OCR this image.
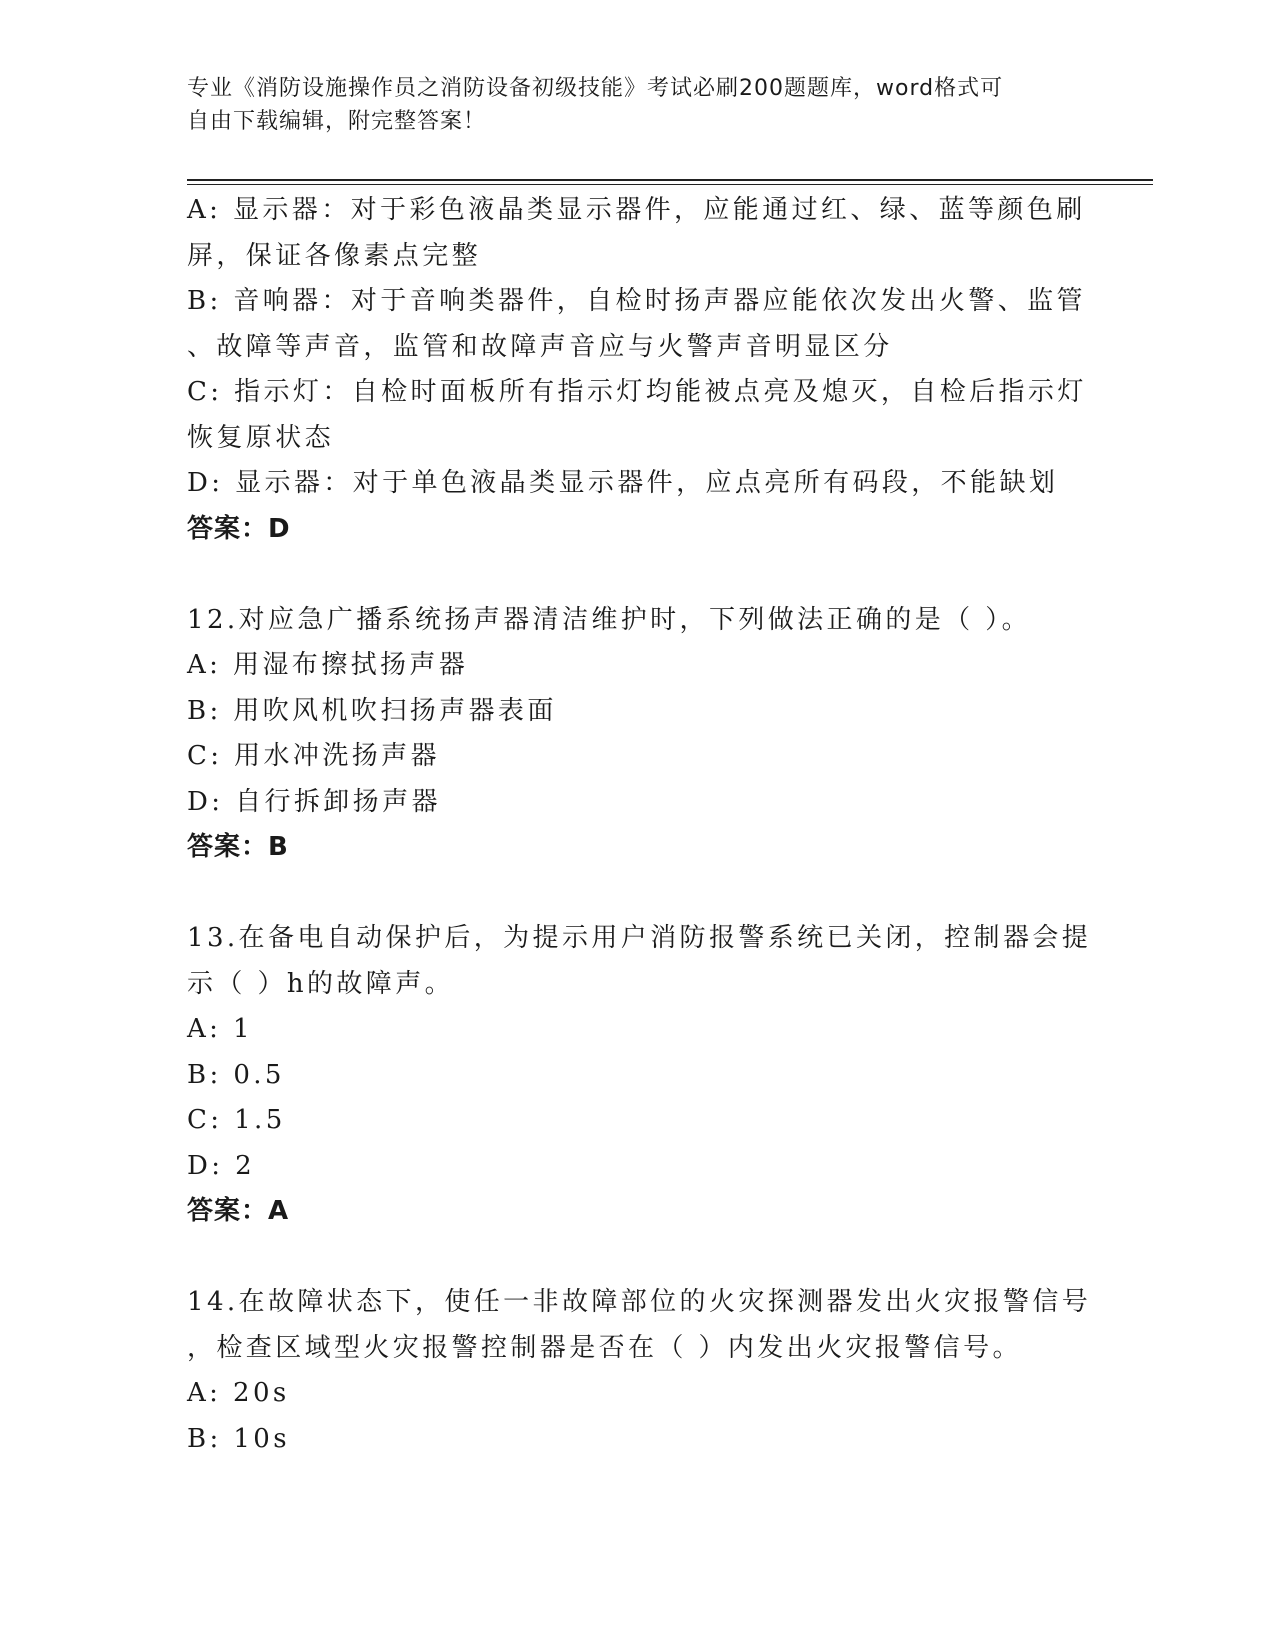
专业《消防设施操作员之消防设备初级技能》考试必刷200题题库，word格式可
自由下载编辑，附完整答案！
A: 显示器：对于彩色液晶类显示器件，应能通过红、绿、蓝等颜色刷
屏，保证各像素点完整
B: 音响器：对于音响类器件，自检时扬声器应能依次发出火警、监管
、故障等声音，监管和故障声音应与火警声音明显区分
C: 指示灯：自检时面板所有指示灯均能被点亮及熄灭，自检后指示灯
恢复原状态
D: 显示器：对于单色液晶类显示器件，应点亮所有码段，不能缺划
答案：D
12.对应急广播系统扬声器清洁维护时，下列做法正确的是（ ）。
A: 用湿布擦拭扬声器
B: 用吹风机吹扫扬声器表面
C: 用水冲洗扬声器
D: 自行拆卸扬声器
答案：B
13.在备电自动保护后，为提示用户消防报警系统已关闭，控制器会提
示（ ）h的故障声。
A: 1
B: 0.5
C: 1.5
D: 2
答案：A
14.在故障状态下，使任一非故障部位的火灾探测器发出火灾报警信号
，检查区域型火灾报警控制器是否在（ ）内发出火灾报警信号。
A: 20s
B: 10s
